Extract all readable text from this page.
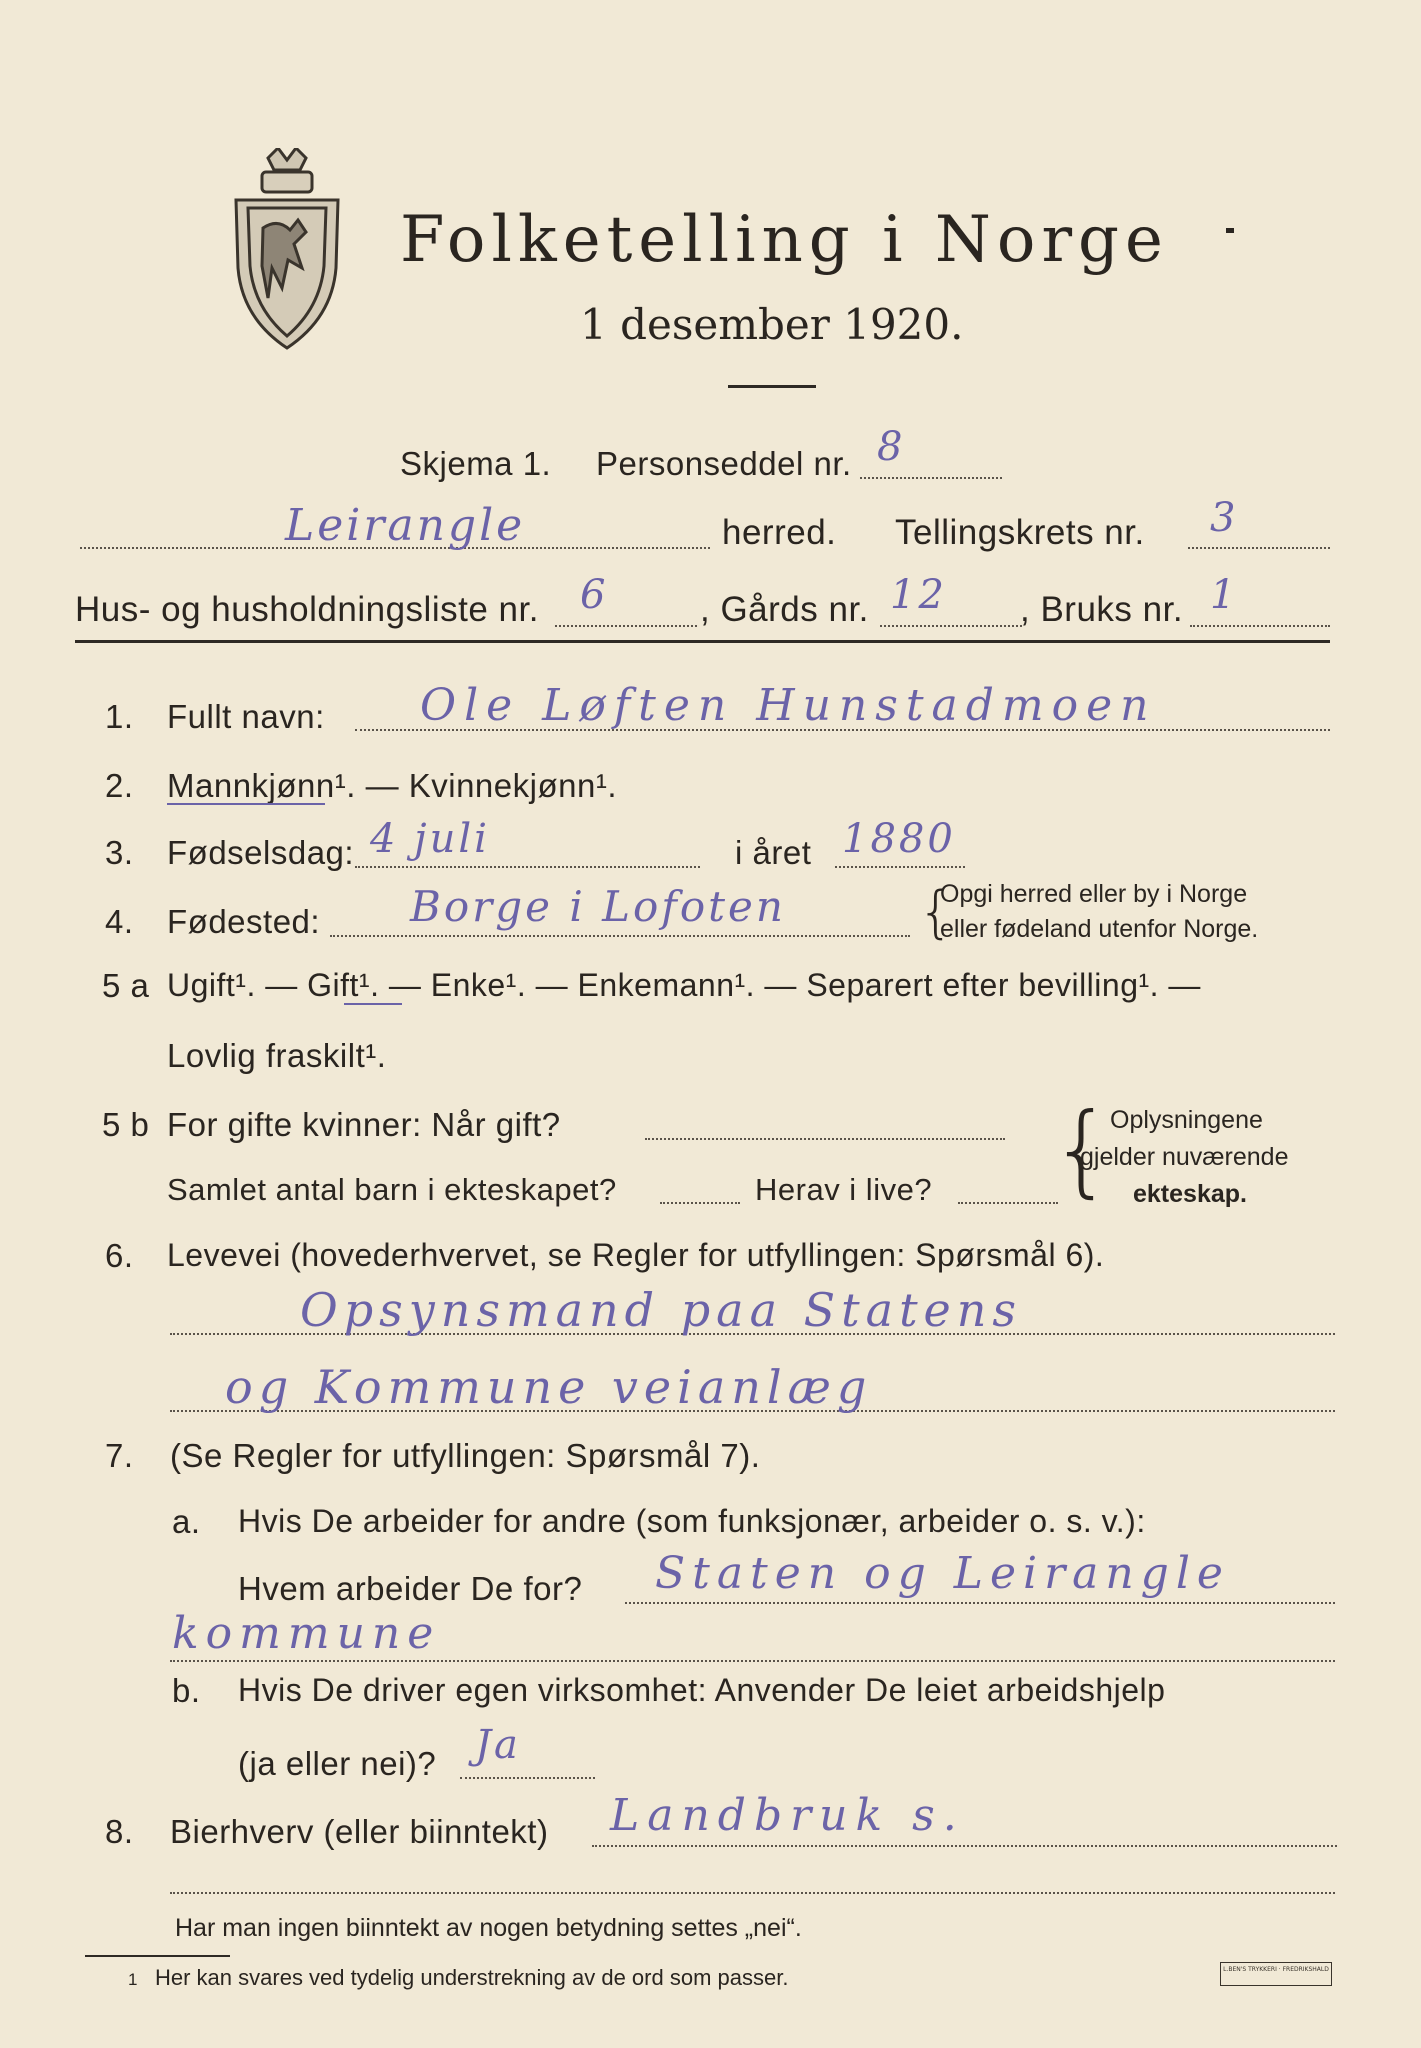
Folketelling i Norge
1 desember 1920.
Skjema 1. Personseddel nr. 8
Leirangle	herred. Tellingskrets nr. 3
Hus- og husholdningsliste nr. 6	, Gårds nr. 12 , Bruks nr. 1
1. Fullt navn: Ole Løften Hunstadmoen
2. Mannkjønn¹. — Kvinnekjønn¹.
3. Fødselsdag: 4 juli	i året 1880
4. Fødested: Borge i Lofoten {
Opgi herred eller by i Norge
eller fødeland utenfor Norge.
5 a Ugift¹. — Gift¹. — Enke¹. — Enkemann¹. — Separert efter bevilling¹. —
Lovlig fraskilt¹.
5 b For gifte kvinner: Når gift?
Samlet antal barn i ekteskapet?	Herav i live? {
Oplysningene
gjelder nuværende
ekteskap.
6. Levevei (hovederhvervet, se Regler for utfyllingen: Spørsmål 6).
Opsynsmand paa Statens
og Kommune veianlæg
7. (Se Regler for utfyllingen: Spørsmål 7).
a. Hvis De arbeider for andre (som funksjonær, arbeider o. s. v.):
Hvem arbeider De for? Staten og Leirangle
kommune
b. Hvis De driver egen virksomhet: Anvender De leiet arbeidshjelp
(ja eller nei)? Ja
8. Bierhverv (eller biinntekt) Landbruk s.
Har man ingen biinntekt av nogen betydning settes „nei“.
1 Her kan svares ved tydelig understrekning av de ord som passer.	L.BEN'S TRYKKERI · FREDRIKSHALD
